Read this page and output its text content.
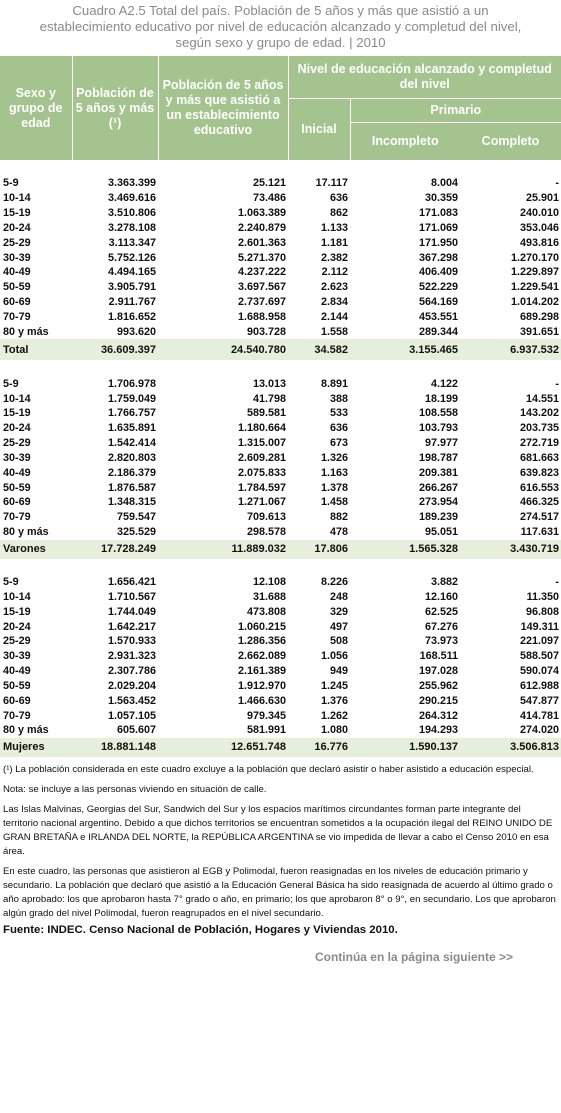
Cuadro A2.5 Total del país. Población de 5 años y más que asistió a un
establecimiento educativo por nivel de educación alcanzado y completud del nivel,
según sexo y grupo de edad. | 2010
Sexo y grupo de edad	Población de 5 años y más (¹)	Población de 5 años y más que asistió a un establecimiento educativo	Nivel de educación alcanzado y completud del nivel		
			Inicial	Primario	
				Incompleto	Completo

5-9	3.363.399	25.121	17.117	8.004	-
10-14	3.469.616	73.486	636	30.359	25.901
15-19	3.510.806	1.063.389	862	171.083	240.010
20-24	3.278.108	2.240.879	1.133	171.069	353.046
25-29	3.113.347	2.601.363	1.181	171.950	493.816
30-39	5.752.126	5.271.370	2.382	367.298	1.270.170
40-49	4.494.165	4.237.222	2.112	406.409	1.229.897
50-59	3.905.791	3.697.567	2.623	522.229	1.229.541
60-69	2.911.767	2.737.697	2.834	564.169	1.014.202
70-79	1.816.652	1.688.958	2.144	453.551	689.298
80 y más	993.620	903.728	1.558	289.344	391.651
Total	36.609.397	24.540.780	34.582	3.155.465	6.937.532

5-9	1.706.978	13.013	8.891	4.122	-
10-14	1.759.049	41.798	388	18.199	14.551
15-19	1.766.757	589.581	533	108.558	143.202
20-24	1.635.891	1.180.664	636	103.793	203.735
25-29	1.542.414	1.315.007	673	97.977	272.719
30-39	2.820.803	2.609.281	1.326	198.787	681.663
40-49	2.186.379	2.075.833	1.163	209.381	639.823
50-59	1.876.587	1.784.597	1.378	266.267	616.553
60-69	1.348.315	1.271.067	1.458	273.954	466.325
70-79	759.547	709.613	882	189.239	274.517
80 y más	325.529	298.578	478	95.051	117.631
Varones	17.728.249	11.889.032	17.806	1.565.328	3.430.719

5-9	1.656.421	12.108	8.226	3.882	-
10-14	1.710.567	31.688	248	12.160	11.350
15-19	1.744.049	473.808	329	62.525	96.808
20-24	1.642.217	1.060.215	497	67.276	149.311
25-29	1.570.933	1.286.356	508	73.973	221.097
30-39	2.931.323	2.662.089	1.056	168.511	588.507
40-49	2.307.786	2.161.389	949	197.028	590.074
50-59	2.029.204	1.912.970	1.245	255.962	612.988
60-69	1.563.452	1.466.630	1.376	290.215	547.877
70-79	1.057.105	979.345	1.262	264.312	414.781
80 y más	605.607	581.991	1.080	194.293	274.020
Mujeres	18.881.148	12.651.748	16.776	1.590.137	3.506.813

(¹) La población considerada en este cuadro excluye a la población que declaró asistir o haber asistido a educación especial.

Nota: se incluye a las personas viviendo en situación de calle.

Las Islas Malvinas, Georgias del Sur, Sandwich del Sur y los espacios marítimos circundantes forman parte integrante del territorio nacional argentino. Debido a que dichos territorios se encuentran sometidos a la ocupación ilegal del REINO UNIDO DE GRAN BRETAÑA e IRLANDA DEL NORTE, la REPÚBLICA ARGENTINA se vio impedida de llevar a cabo el Censo 2010 en esa área.

En este cuadro, las personas que asistieron al EGB y Polimodal, fueron reasignadas en los niveles de educación primario y secundario. La población que declaró que asistió a la Educación General Básica ha sido reasignada de acuerdo al último grado o año aprobado: los que aprobaron hasta 7° grado o año, en primario; los que aprobaron 8° o 9°, en secundario. Los que aprobaron algún grado del nivel Polimodal, fueron reagrupados en el nivel secundario.

Fuente: INDEC. Censo Nacional de Población, Hogares y Viviendas 2010.
Continúa en la página siguiente >>
